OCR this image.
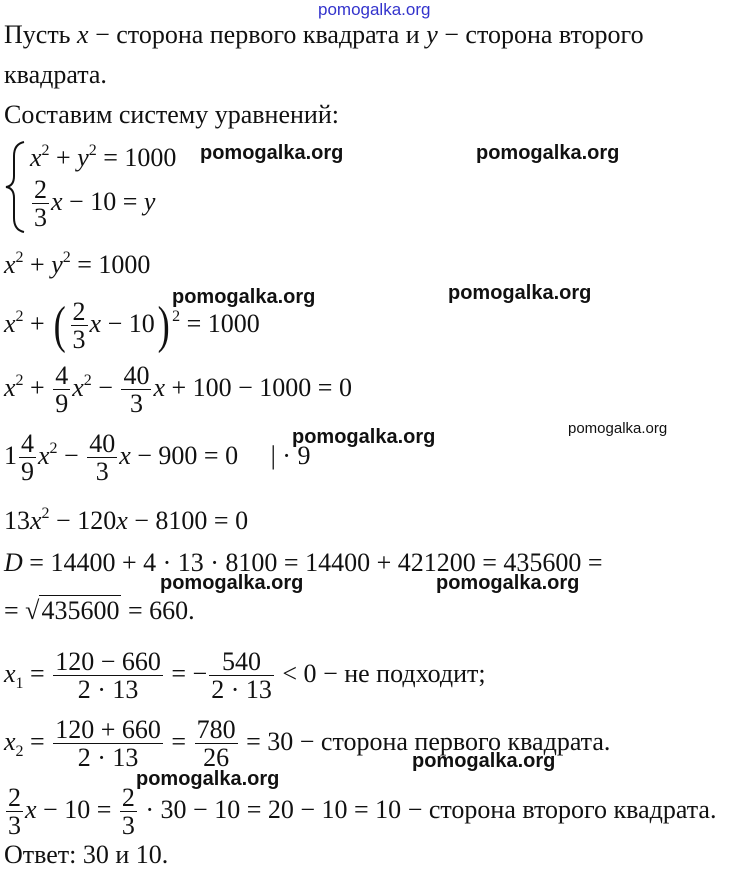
pomogalka.org
Пусть x − сторона первого квадрата и y − сторона второго
квадрата.
Составим систему уравнений:
$x^2 + y^2 = 1000$
$\frac{2}{3}$ x − 10 = y
$x^2 + y^2 = 1000$
$x^2$ + ( $\frac{2}{3}$ x − 10) $^2$ = 1000
$x^2 + \frac{4}{9} x^2 - \frac{40}{3}$ x + 100 − 1000 = 0
$1 \frac{4}{9} x^2 - \frac{40}{3}$ x − 900 = 0     | · 9
$13x^2 - 120x - 8100 = 0$
D = 14400 + 4 · 13 · 8100 = 14400 + 421200 = 435600 =
= √435600 = 660.
$x_1 = \frac{120 - 660}{2 \cdot 13}$ = − $\frac{540}{2 \cdot 13} < 0$ − не подходит;
$x_2 = \frac{120 + 660}{2 \cdot 13} = \frac{780}{26} = 30$ − сторона первого квадрата.
$\frac{2}{3}$ $x - 10 = \frac{2}{3} \cdot 30 - 10 = 20 - 10 = 10$ − сторона второго квадрата.
Ответ: 30 и 10.
pomogalka.org	pomogalka.org
pomogalka.org	pomogalka.org
pomogalka.org	pomogalka.org
pomogalka.org	pomogalka.org
pomogalka.org
pomogalka.org
